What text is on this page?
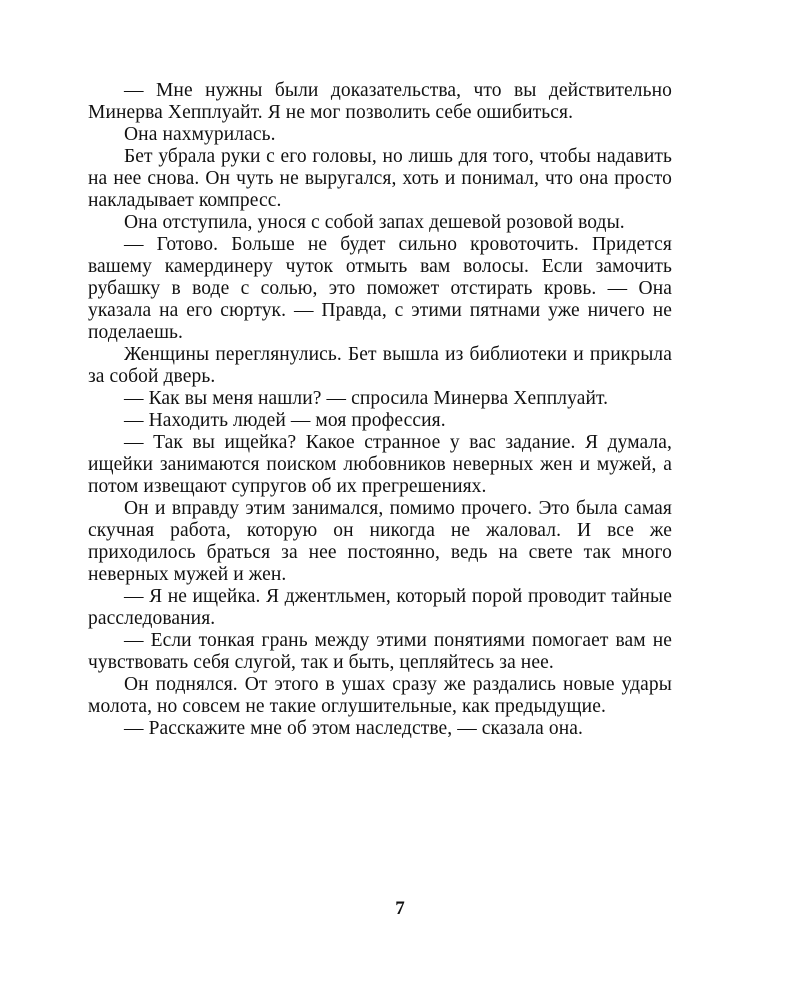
— Мне нужны были доказательства, что вы действительно Минерва Хепплуайт. Я не мог позволить себе ошибиться.

Она нахмурилась.

Бет убрала руки с его головы, но лишь для того, чтобы надавить на нее снова. Он чуть не выругался, хоть и понимал, что она просто накладывает компресс.

Она отступила, унося с собой запах дешевой розовой воды.

— Готово. Больше не будет сильно кровоточить. Придется вашему камердинеру чуток отмыть вам волосы. Если замочить рубашку в воде с солью, это поможет отстирать кровь. — Она указала на его сюртук. — Правда, с этими пятнами уже ничего не поделаешь.

Женщины переглянулись. Бет вышла из библиотеки и прикрыла за собой дверь.

— Как вы меня нашли? — спросила Минерва Хепплуайт.

— Находить людей — моя профессия.

— Так вы ищейка? Какое странное у вас задание. Я думала, ищейки занимаются поиском любовников неверных жен и мужей, а потом извещают супругов об их прегрешениях.

Он и вправду этим занимался, помимо прочего. Это была самая скучная работа, которую он никогда не жаловал. И все же приходилось браться за нее постоянно, ведь на свете так много неверных мужей и жен.

— Я не ищейка. Я джентльмен, который порой проводит тайные расследования.

— Если тонкая грань между этими понятиями помогает вам не чувствовать себя слугой, так и быть, цепляйтесь за нее.

Он поднялся. От этого в ушах сразу же раздались новые удары молота, но совсем не такие оглушительные, как предыдущие.

— Расскажите мне об этом наследстве, — сказала она.

7
